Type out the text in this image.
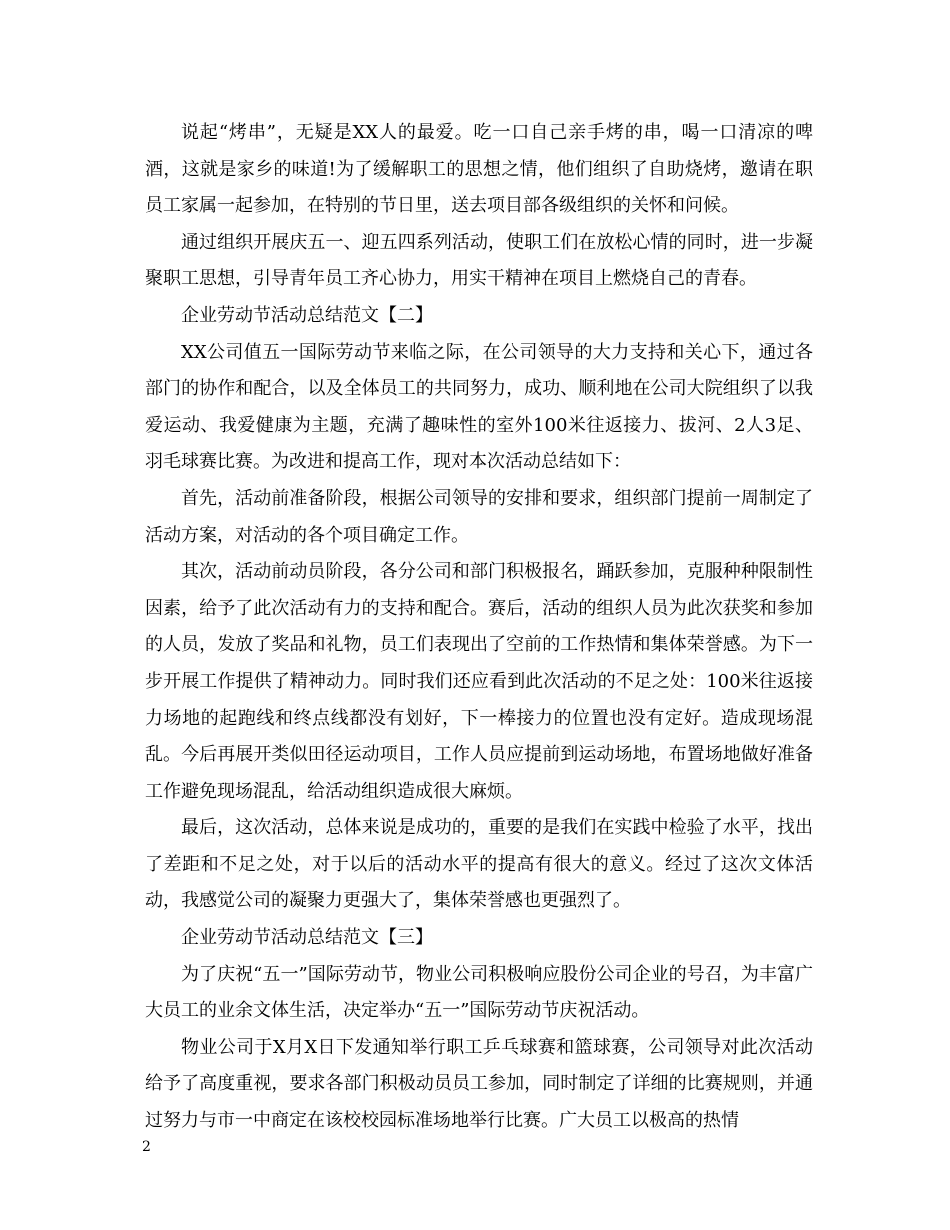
说起“烤串”，无疑是XX人的最爱。吃一口自己亲手烤的串，喝一口清凉的啤酒，这就是家乡的味道!为了缓解职工的思想之情，他们组织了自助烧烤，邀请在职员工家属一起参加，在特别的节日里，送去项目部各级组织的关怀和问候。

通过组织开展庆五一、迎五四系列活动，使职工们在放松心情的同时，进一步凝聚职工思想，引导青年员工齐心协力，用实干精神在项目上燃烧自己的青春。

企业劳动节活动总结范文【二】

XX公司值五一国际劳动节来临之际，在公司领导的大力支持和关心下，通过各部门的协作和配合，以及全体员工的共同努力，成功、顺利地在公司大院组织了以我爱运动、我爱健康为主题，充满了趣味性的室外100米往返接力、拔河、2人3足、羽毛球赛比赛。为改进和提高工作，现对本次活动总结如下：

首先，活动前准备阶段，根据公司领导的安排和要求，组织部门提前一周制定了活动方案，对活动的各个项目确定工作。

其次，活动前动员阶段，各分公司和部门积极报名，踊跃参加，克服种种限制性因素，给予了此次活动有力的支持和配合。赛后，活动的组织人员为此次获奖和参加的人员，发放了奖品和礼物，员工们表现出了空前的工作热情和集体荣誉感。为下一步开展工作提供了精神动力。同时我们还应看到此次活动的不足之处：100米往返接力场地的起跑线和终点线都没有划好，下一棒接力的位置也没有定好。造成现场混乱。今后再展开类似田径运动项目，工作人员应提前到运动场地，布置场地做好准备工作避免现场混乱，给活动组织造成很大麻烦。

最后，这次活动，总体来说是成功的，重要的是我们在实践中检验了水平，找出了差距和不足之处，对于以后的活动水平的提高有很大的意义。经过了这次文体活动，我感觉公司的凝聚力更强大了，集体荣誉感也更强烈了。

企业劳动节活动总结范文【三】

为了庆祝“五一”国际劳动节，物业公司积极响应股份公司企业的号召，为丰富广大员工的业余文体生活，决定举办“五一”国际劳动节庆祝活动。

物业公司于X月X日下发通知举行职工乒乓球赛和篮球赛，公司领导对此次活动给予了高度重视，要求各部门积极动员员工参加，同时制定了详细的比赛规则，并通过努力与市一中商定在该校校园标准场地举行比赛。广大员工以极高的热情

2
